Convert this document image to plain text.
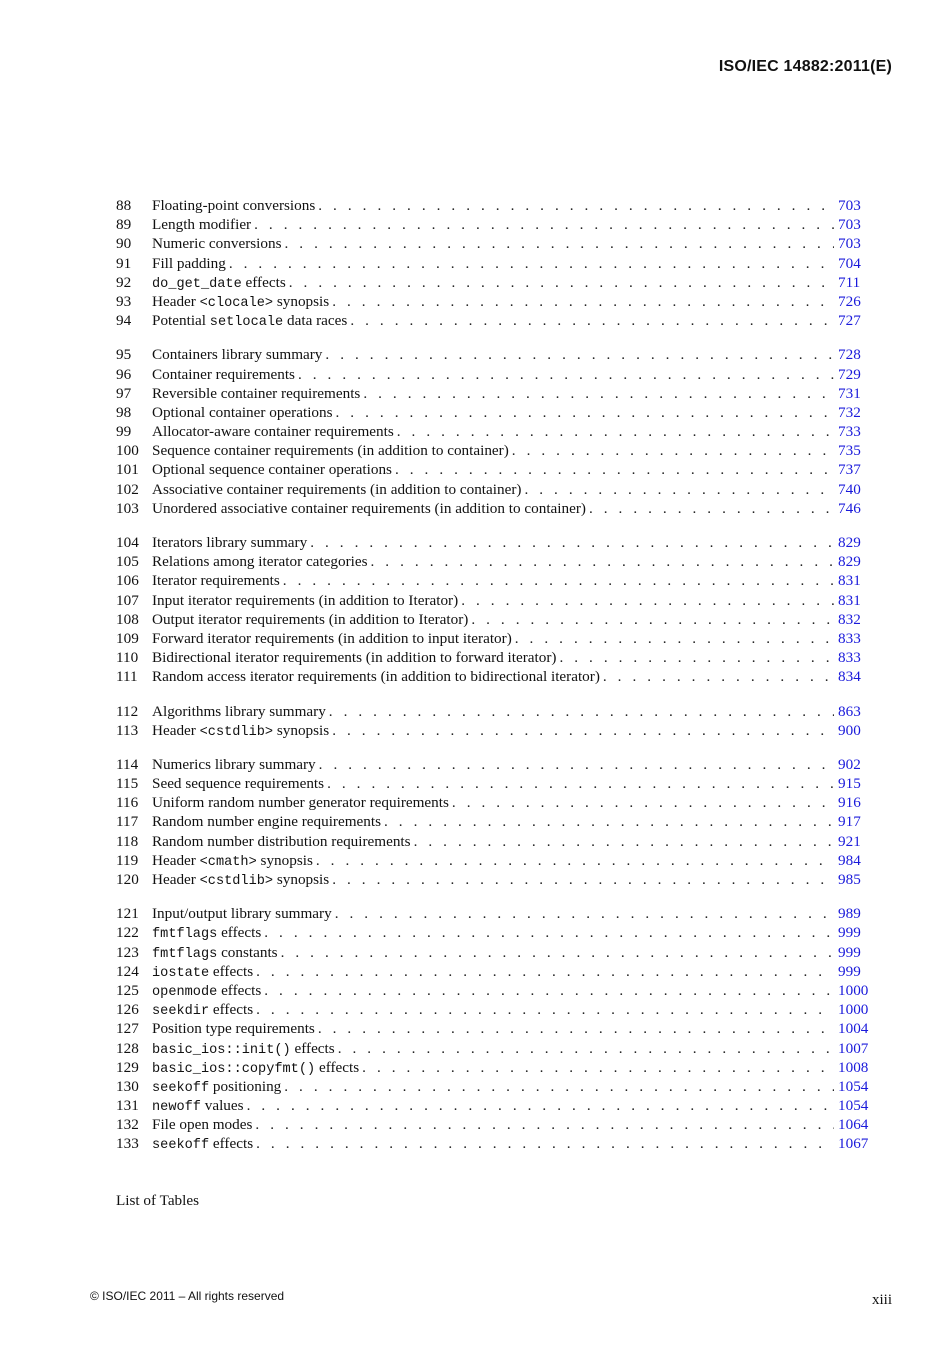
ISO/IEC 14882:2011(E)
88	Floating-point conversions . . .	703
89	Length modifier . . .	703
90	Numeric conversions . . .	703
91	Fill padding . . .	704
92	do_get_date effects . . .	711
93	Header <clocale> synopsis . . .	726
94	Potential setlocale data races . . .	727
95	Containers library summary . . .	728
96	Container requirements . . .	729
97	Reversible container requirements . . .	731
98	Optional container operations . . .	732
99	Allocator-aware container requirements . . .	733
100 Sequence container requirements (in addition to container) . . .	735
101 Optional sequence container operations . . .	737
102 Associative container requirements (in addition to container) . . .	740
103 Unordered associative container requirements (in addition to container) . . .	746
104 Iterators library summary . . .	829
105 Relations among iterator categories . . .	829
106 Iterator requirements . . .	831
107 Input iterator requirements (in addition to Iterator) . . .	831
108 Output iterator requirements (in addition to Iterator) . . .	832
109 Forward iterator requirements (in addition to input iterator) . . .	833
110 Bidirectional iterator requirements (in addition to forward iterator) . . .	833
111 Random access iterator requirements (in addition to bidirectional iterator) . . .	834
112 Algorithms library summary . . .	863
113 Header <cstdlib> synopsis . . .	900
114 Numerics library summary . . .	902
115 Seed sequence requirements . . .	915
116 Uniform random number generator requirements . . .	916
117 Random number engine requirements . . .	917
118 Random number distribution requirements . . .	921
119 Header <cmath> synopsis . . .	984
120 Header <cstdlib> synopsis . . .	985
121 Input/output library summary . . .	989
122 fmtflags effects . . .	999
123 fmtflags constants . . .	999
124 iostate effects . . .	999
125 openmode effects . . .	1000
126 seekdir effects . . .	1000
127 Position type requirements . . .	1004
128 basic_ios::init() effects . . .	1007
129 basic_ios::copyfmt() effects . . .	1008
130 seekoff positioning . . .	1054
131 newoff values . . .	1054
132 File open modes . . .	1064
133 seekoff effects . . .	1067
List of Tables
© ISO/IEC 2011 – All rights reserved	xiii
